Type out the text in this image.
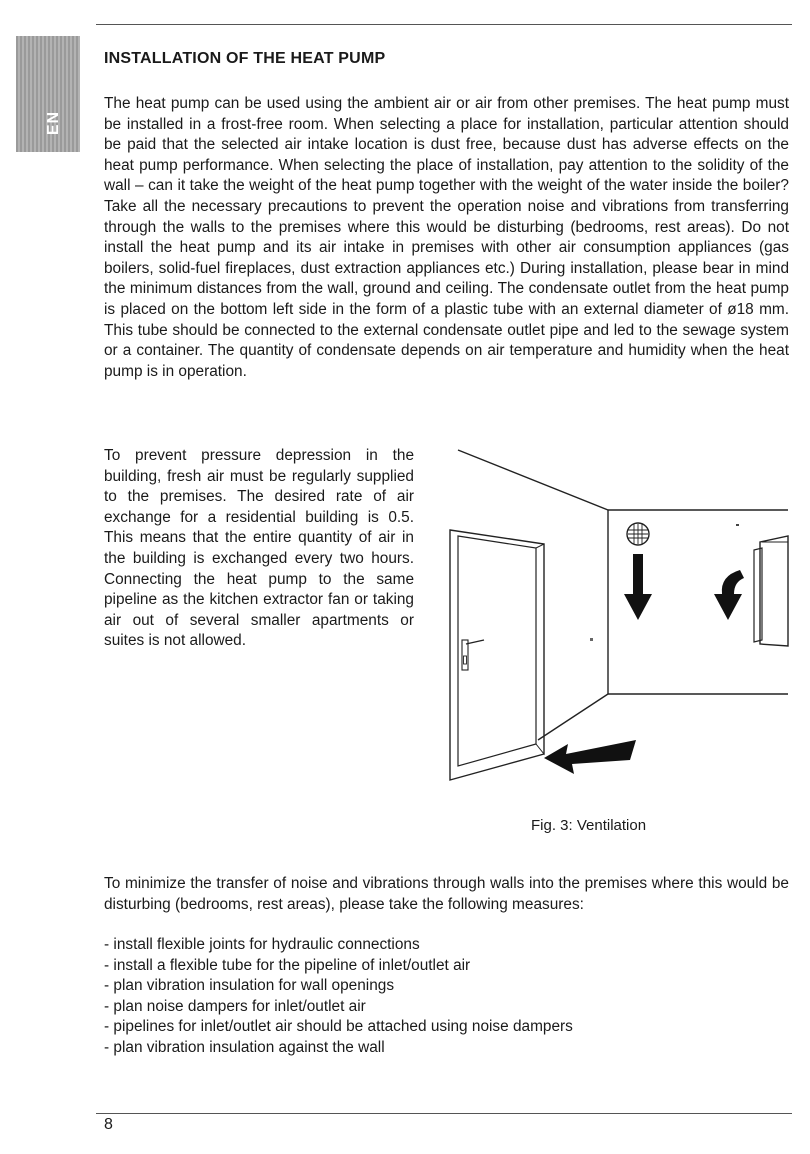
EN
INSTALLATION OF THE HEAT PUMP

The heat pump can be used using the ambient air or air from other premises. The heat pump must be installed in a frost-free room. When selecting a place for installation, particular attention should be paid that the selected air intake location is dust free, because dust has adverse effects on the heat pump performance. When selecting the place of installation, pay attention to the solidity of the wall – can it take the weight of the heat pump together with the weight of the water inside the boiler? Take all the necessary precautions to prevent the operation noise and vibrations from transferring through the walls to the premises where this would be disturbing (bedrooms, rest areas). Do not install the heat pump and its air intake in premises with other air consumption appliances (gas boilers, solid-fuel fireplaces, dust extraction appliances etc.) During installation, please bear in mind the minimum distances from the wall, ground and ceiling. The condensate outlet from the heat pump is placed on the bottom left side in the form of a plastic tube with an external diameter of ø18 mm. This tube should be connected to the external condensate outlet pipe and led to the sewage system or a container. The quantity of condensate depends on air temperature and humidity when the heat pump is in operation.

To prevent pressure depression in the building, fresh air must be regularly supplied to the premises. The desired rate of air exchange for a residential building is 0.5. This means that the entire quantity of air in the building is exchanged every two hours. Connecting the heat pump to the same pipeline as the kitchen extractor fan or taking air out of several smaller apartments or suites is not allowed.

Fig. 3: Ventilation

To minimize the transfer of noise and vibrations through walls into the premises where this would be disturbing (bedrooms, rest areas), please take the following measures:

- install flexible joints for hydraulic connections
- install a flexible tube for the pipeline of inlet/outlet air
- plan vibration insulation for wall openings
- plan noise dampers for inlet/outlet air
- pipelines for inlet/outlet air should be attached using noise dampers
- plan vibration insulation against the wall
8
